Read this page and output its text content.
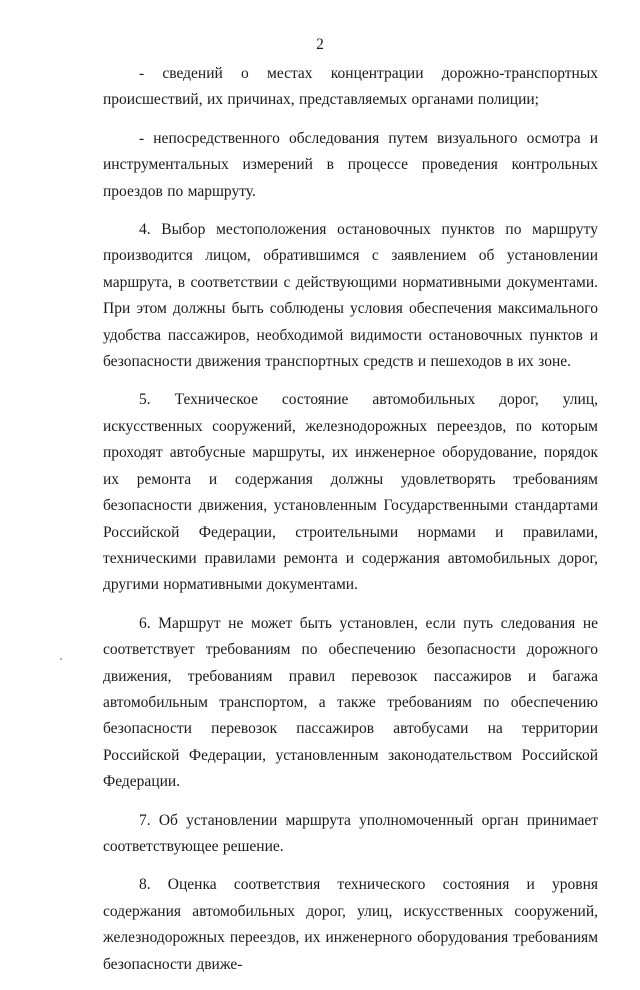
2

- сведений о местах концентрации дорожно-транспортных происшествий, их причинах, представляемых органами полиции;

- непосредственного обследования путем визуального осмотра и инструментальных измерений в процессе проведения контрольных проездов по маршруту.

4. Выбор местоположения остановочных пунктов по маршруту производится лицом, обратившимся с заявлением об установлении маршрута, в соответствии с действующими нормативными документами. При этом должны быть соблюдены условия обеспечения максимального удобства пассажиров, необходимой видимости остановочных пунктов и безопасности движения транспортных средств и пешеходов в их зоне.

5. Техническое состояние автомобильных дорог, улиц, искусственных сооружений, железнодорожных переездов, по которым проходят автобусные маршруты, их инженерное оборудование, порядок их ремонта и содержания должны удовлетворять требованиям безопасности движения, установленным Государственными стандартами Российской Федерации, строительными нормами и правилами, техническими правилами ремонта и содержания автомобильных дорог, другими нормативными документами.

6. Маршрут не может быть установлен, если путь следования не соответствует требованиям по обеспечению безопасности дорожного движения, требованиям правил перевозок пассажиров и багажа автомобильным транспортом, а также требованиям по обеспечению безопасности перевозок пассажиров автобусами на территории Российской Федерации, установленным законодательством Российской Федерации.

7. Об установлении маршрута уполномоченный орган принимает соответствующее решение.

8. Оценка соответствия технического состояния и уровня содержания автомобильных дорог, улиц, искусственных сооружений, железнодорожных переездов, их инженерного оборудования требованиям безопасности движе-
